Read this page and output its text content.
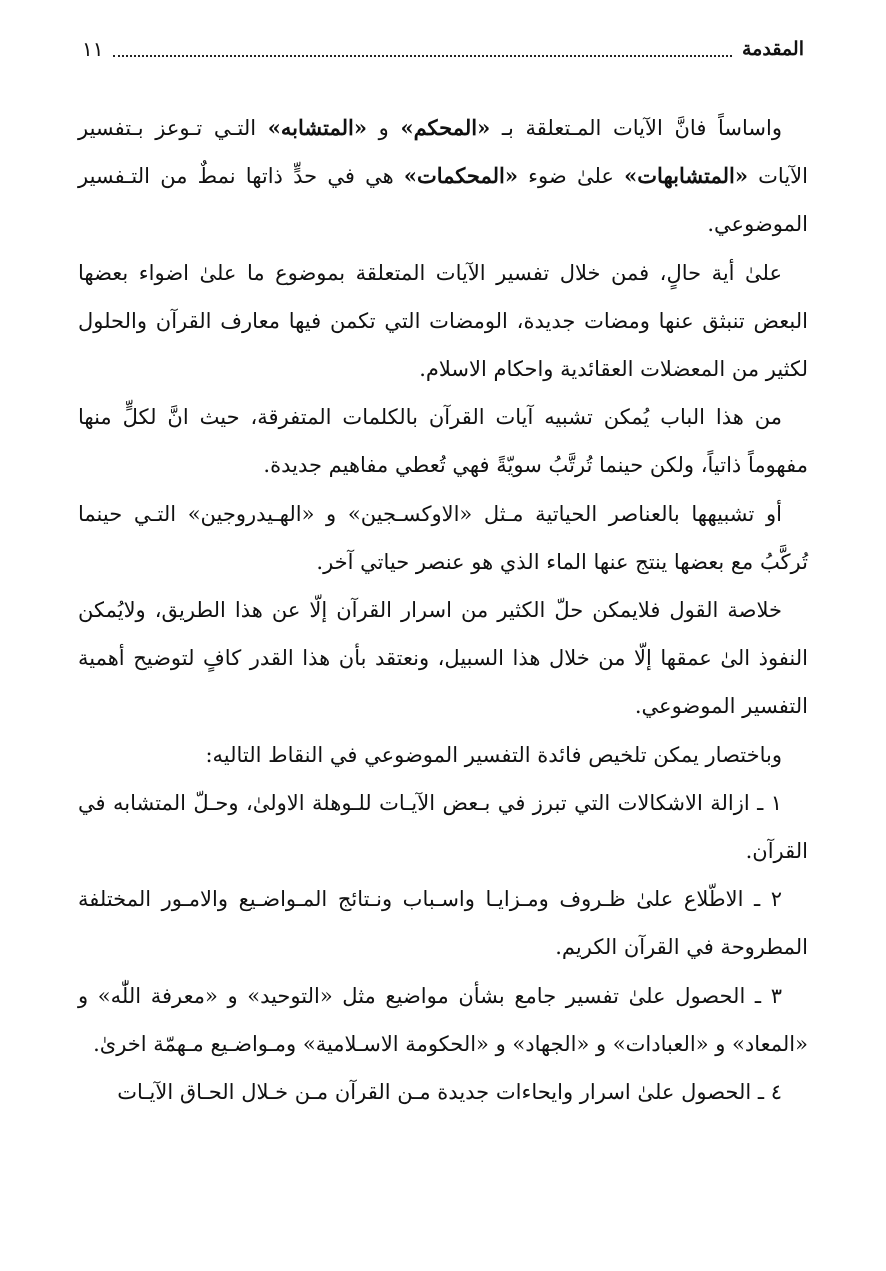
المقدمة
١١

واساساً فانَّ الآيات المـتعلقة بـ «المحكم» و «المتشابه» التـي تـوعز بـتفسير الآيات «المتشابهات» علىٰ ضوء «المحكمات» هي في حدٍّ ذاتها نمطٌ من التـفسير الموضوعي.

علىٰ أية حالٍ، فمن خلال تفسير الآيات المتعلقة بموضوع ما علىٰ اضواء بعضها البعض تنبثق عنها ومضات جديدة، الومضات التي تكمن فيها معارف القرآن والحلول لكثير من المعضلات العقائدية واحكام الاسلام.

من هذا الباب يُمكن تشبيه آيات القرآن بالكلمات المتفرقة، حيث انَّ لكلٍّ منها مفهوماً ذاتياً، ولكن حينما تُرتَّبُ سويّةً فهي تُعطي مفاهيم جديدة.

أو تشبيهها بالعناصر الحياتية مـثل «الاوكسـجين» و «الهـيدروجين» التـي حينما تُركَّبُ مع بعضها ينتج عنها الماء الذي هو عنصر حياتي آخر.

خلاصة القول فلايمكن حلّ الكثير من اسرار القرآن إلّا عن هذا الطريق، ولايُمكن النفوذ الىٰ عمقها إلّا من خلال هذا السبيل، ونعتقد بأن هذا القدر كافٍ لتوضيح أهمية التفسير الموضوعي.

وباختصار يمكن تلخيص فائدة التفسير الموضوعي في النقاط التاليه:

١ ـ ازالة الاشكالات التي تبرز في بـعض الآيـات للـوهلة الاولىٰ، وحـلّ المتشابه في القرآن.

٢ ـ الاطّلاع علىٰ ظـروف ومـزايـا واسـباب ونـتائج المـواضـيع والامـور المختلفة المطروحة في القرآن الكريم.

٣ ـ الحصول علىٰ تفسير جامع بشأن مواضيع مثل «التوحيد» و «معرفة اللّٰه» و «المعاد» و «العبادات» و «الجهاد» و «الحكومة الاسـلامية» ومـواضـيع مـهمّة اخرىٰ.

٤ ـ الحصول علىٰ اسرار وايحاءات جديدة مـن القرآن مـن خـلال الحـاق الآيـات
